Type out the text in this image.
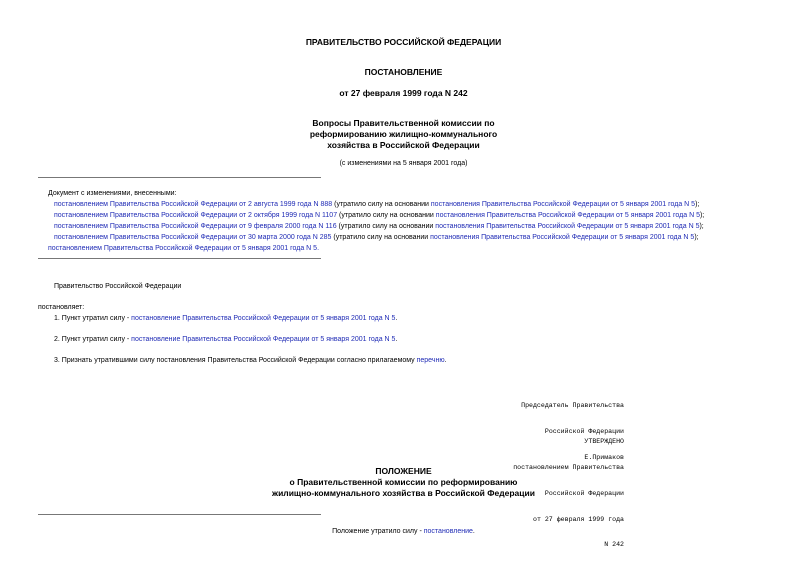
ПРАВИТЕЛЬСТВО РОССИЙСКОЙ ФЕДЕРАЦИИ
ПОСТАНОВЛЕНИЕ
от 27 февраля 1999 года N 242
Вопросы Правительственной комиссии по
реформированию жилищно-коммунального
хозяйства в Российской Федерации
(с изменениями на 5 января 2001 года)
Документ с изменениями, внесенными:
постановлением Правительства Российской Федерации от 2 августа 1999 года N 888 (утратило силу на основании постановления Правительства Российской Федерации от 5 января 2001 года N 5);
постановлением Правительства Российской Федерации от 2 октября 1999 года N 1107 (утратило силу на основании постановления Правительства Российской Федерации от 5 января 2001 года N 5);
постановлением Правительства Российской Федерации от 9 февраля 2000 года N 116 (утратило силу на основании постановления Правительства Российской Федерации от 5 января 2001 года N 5);
постановлением Правительства Российской Федерации от 30 марта 2000 года N 285 (утратило силу на основании постановления Правительства Российской Федерации от 5 января 2001 года N 5);
постановлением Правительства Российской Федерации от 5 января 2001 года N 5.
Правительство Российской Федерации
постановляет:
1. Пункт утратил силу - постановление Правительства Российской Федерации от 5 января 2001 года N 5.
2. Пункт утратил силу - постановление Правительства Российской Федерации от 5 января 2001 года N 5.
3. Признать утратившими силу постановления Правительства Российской Федерации согласно прилагаемому перечню.

Председатель Правительства

Российской Федерации

Е.Примаков

УТВЕРЖДЕНО

постановлением Правительства

Российской Федерации

от 27 февраля 1999 года

N 242

ПОЛОЖЕНИЕ
о Правительственной комиссии по реформированию
жилищно-коммунального хозяйства в Российской Федерации
Положение утратило силу - постановление.
